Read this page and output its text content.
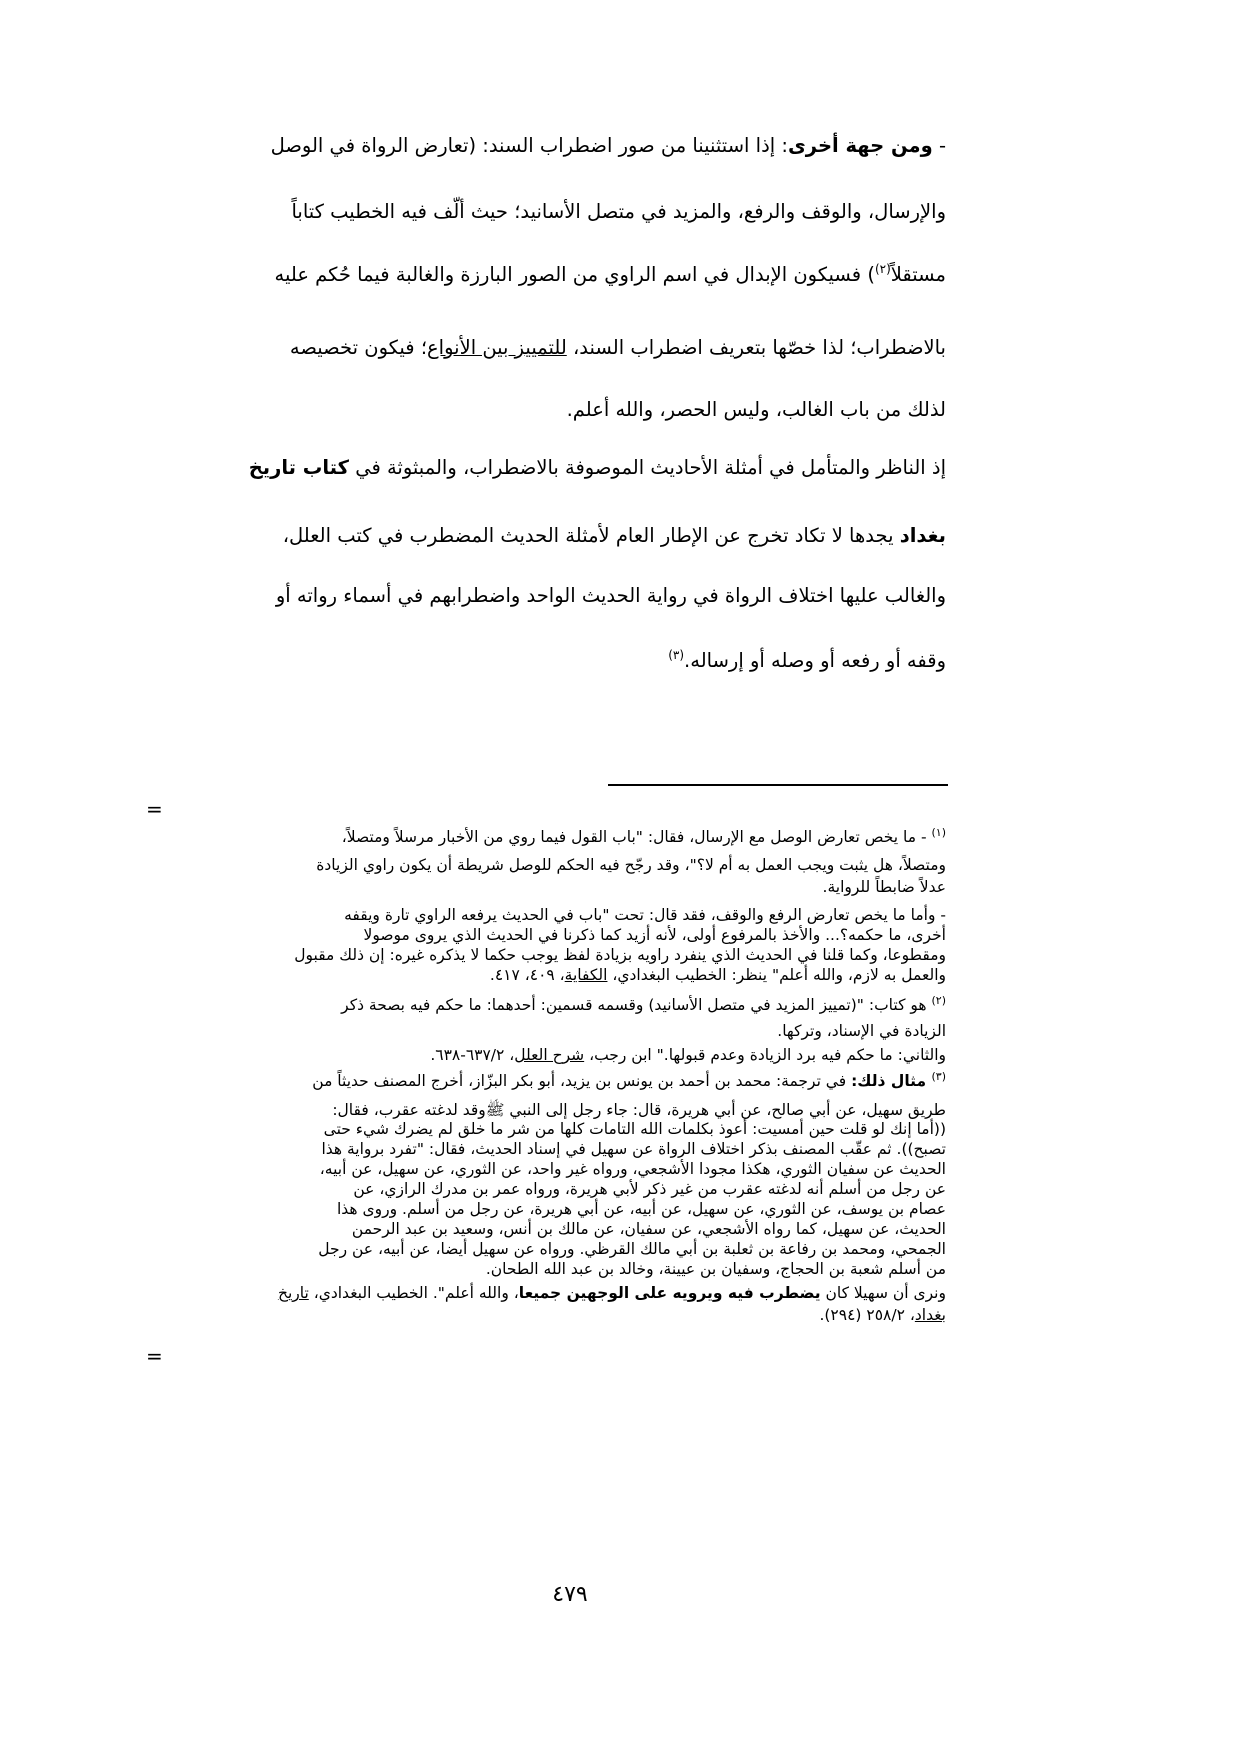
- ومن جهة أخرى: إذا استثنينا من صور اضطراب السند: (تعارض الرواة في الوصل
والإرسال، والوقف والرفع، والمزيد في متصل الأسانيد؛ حيث ألّف فيه الخطيب كتاباً
مستقلاً$^{(٢)}$) فسيكون الإبدال في اسم الراوي من الصور البارزة والغالبة فيما حُكم عليه
بالاضطراب؛ لذا خصّها بتعريف اضطراب السند، للتمييز بين الأنواع؛ فيكون تخصيصه
لذلك من باب الغالب، وليس الحصر، والله أعلم.
إذ الناظر والمتأمل في أمثلة الأحاديث الموصوفة بالاضطراب، والمبثوثة في كتاب تاريخ
بغداد يجدها لا تكاد تخرج عن الإطار العام لأمثلة الحديث المضطرب في كتب العلل،
والغالب عليها اختلاف الرواة في رواية الحديث الواحد واضطرابهم في أسماء رواته أو
وقفه أو رفعه أو وصله أو إرساله.$^{(٣)}$
=
$^{(١)}$ - ما يخص تعارض الوصل مع الإرسال، فقال: "باب القول فيما روي من الأخبار مرسلاً ومتصلاً،
ومتصلاً، هل يثبت ويجب العمل به أم لا؟"، وقد رجّح فيه الحكم للوصل شريطة أن يكون راوي الزيادة
عدلاً ضابطاً للرواية.
- وأما ما يخص تعارض الرفع والوقف، فقد قال: تحت "باب في الحديث يرفعه الراوي تارة ويقفه
أخرى، ما حكمه؟... والأخذ بالمرفوع أولى، لأنه أزيد كما ذكرنا في الحديث الذي يروى موصولا
ومقطوعا، وكما قلنا في الحديث الذي ينفرد راويه بزيادة لفظ يوجب حكما لا يذكره غيره: إن ذلك مقبول
والعمل به لازم، والله أعلم" ينظر: الخطيب البغدادي، الكفاية، ٤٠٩، ٤١٧.
$^{(٢)}$ هو كتاب: "(تمييز المزيد في متصل الأسانيد) وقسمه قسمين: أحدهما: ما حكم فيه بصحة ذكر
الزيادة في الإسناد، وتركها.
والثاني: ما حكم فيه برد الزيادة وعدم قبولها." ابن رجب، شرح العلل، ٦٣٧/٢-٦٣٨.
$^{(٣)}$ مثال ذلك: في ترجمة: محمد بن أحمد بن يونس بن يزيد، أبو بكر البزّاز، أخرج المصنف حديثاً من
طريق سهيل، عن أبي صالح، عن أبي هريرة، قال: جاء رجل إلى النبي ﷺوقد لدغته عقرب، فقال:
((أما إنك لو قلت حين أمسيت: أعوذ بكلمات الله التامات كلها من شر ما خلق لم يضرك شيء حتى
تصبح)). ثم عقّب المصنف بذكر اختلاف الرواة عن سهيل في إسناد الحديث، فقال: "تفرد برواية هذا
الحديث عن سفيان الثوري، هكذا مجودا الأشجعي، ورواه غير واحد، عن الثوري، عن سهيل، عن أبيه،
عن رجل من أسلم أنه لدغته عقرب من غير ذكر لأبي هريرة، ورواه عمر بن مدرك الرازي، عن
عصام بن يوسف، عن الثوري، عن سهيل، عن أبيه، عن أبي هريرة، عن رجل من أسلم. وروى هذا
الحديث، عن سهيل، كما رواه الأشجعي، عن سفيان، عن مالك بن أنس، وسعيد بن عبد الرحمن
الجمحي، ومحمد بن رفاعة بن ثعلبة بن أبي مالك القرظي. ورواه عن سهيل أيضا، عن أبيه، عن رجل
من أسلم شعبة بن الحجاج، وسفيان بن عيينة، وخالد بن عبد الله الطحان.
ونرى أن سهيلا كان يضطرب فيه ويرويه على الوجهين جميعا، والله أعلم". الخطيب البغدادي، تاريخ
بغداد، ٢٥٨/٢ (٢٩٤).
=
٤٧٩
